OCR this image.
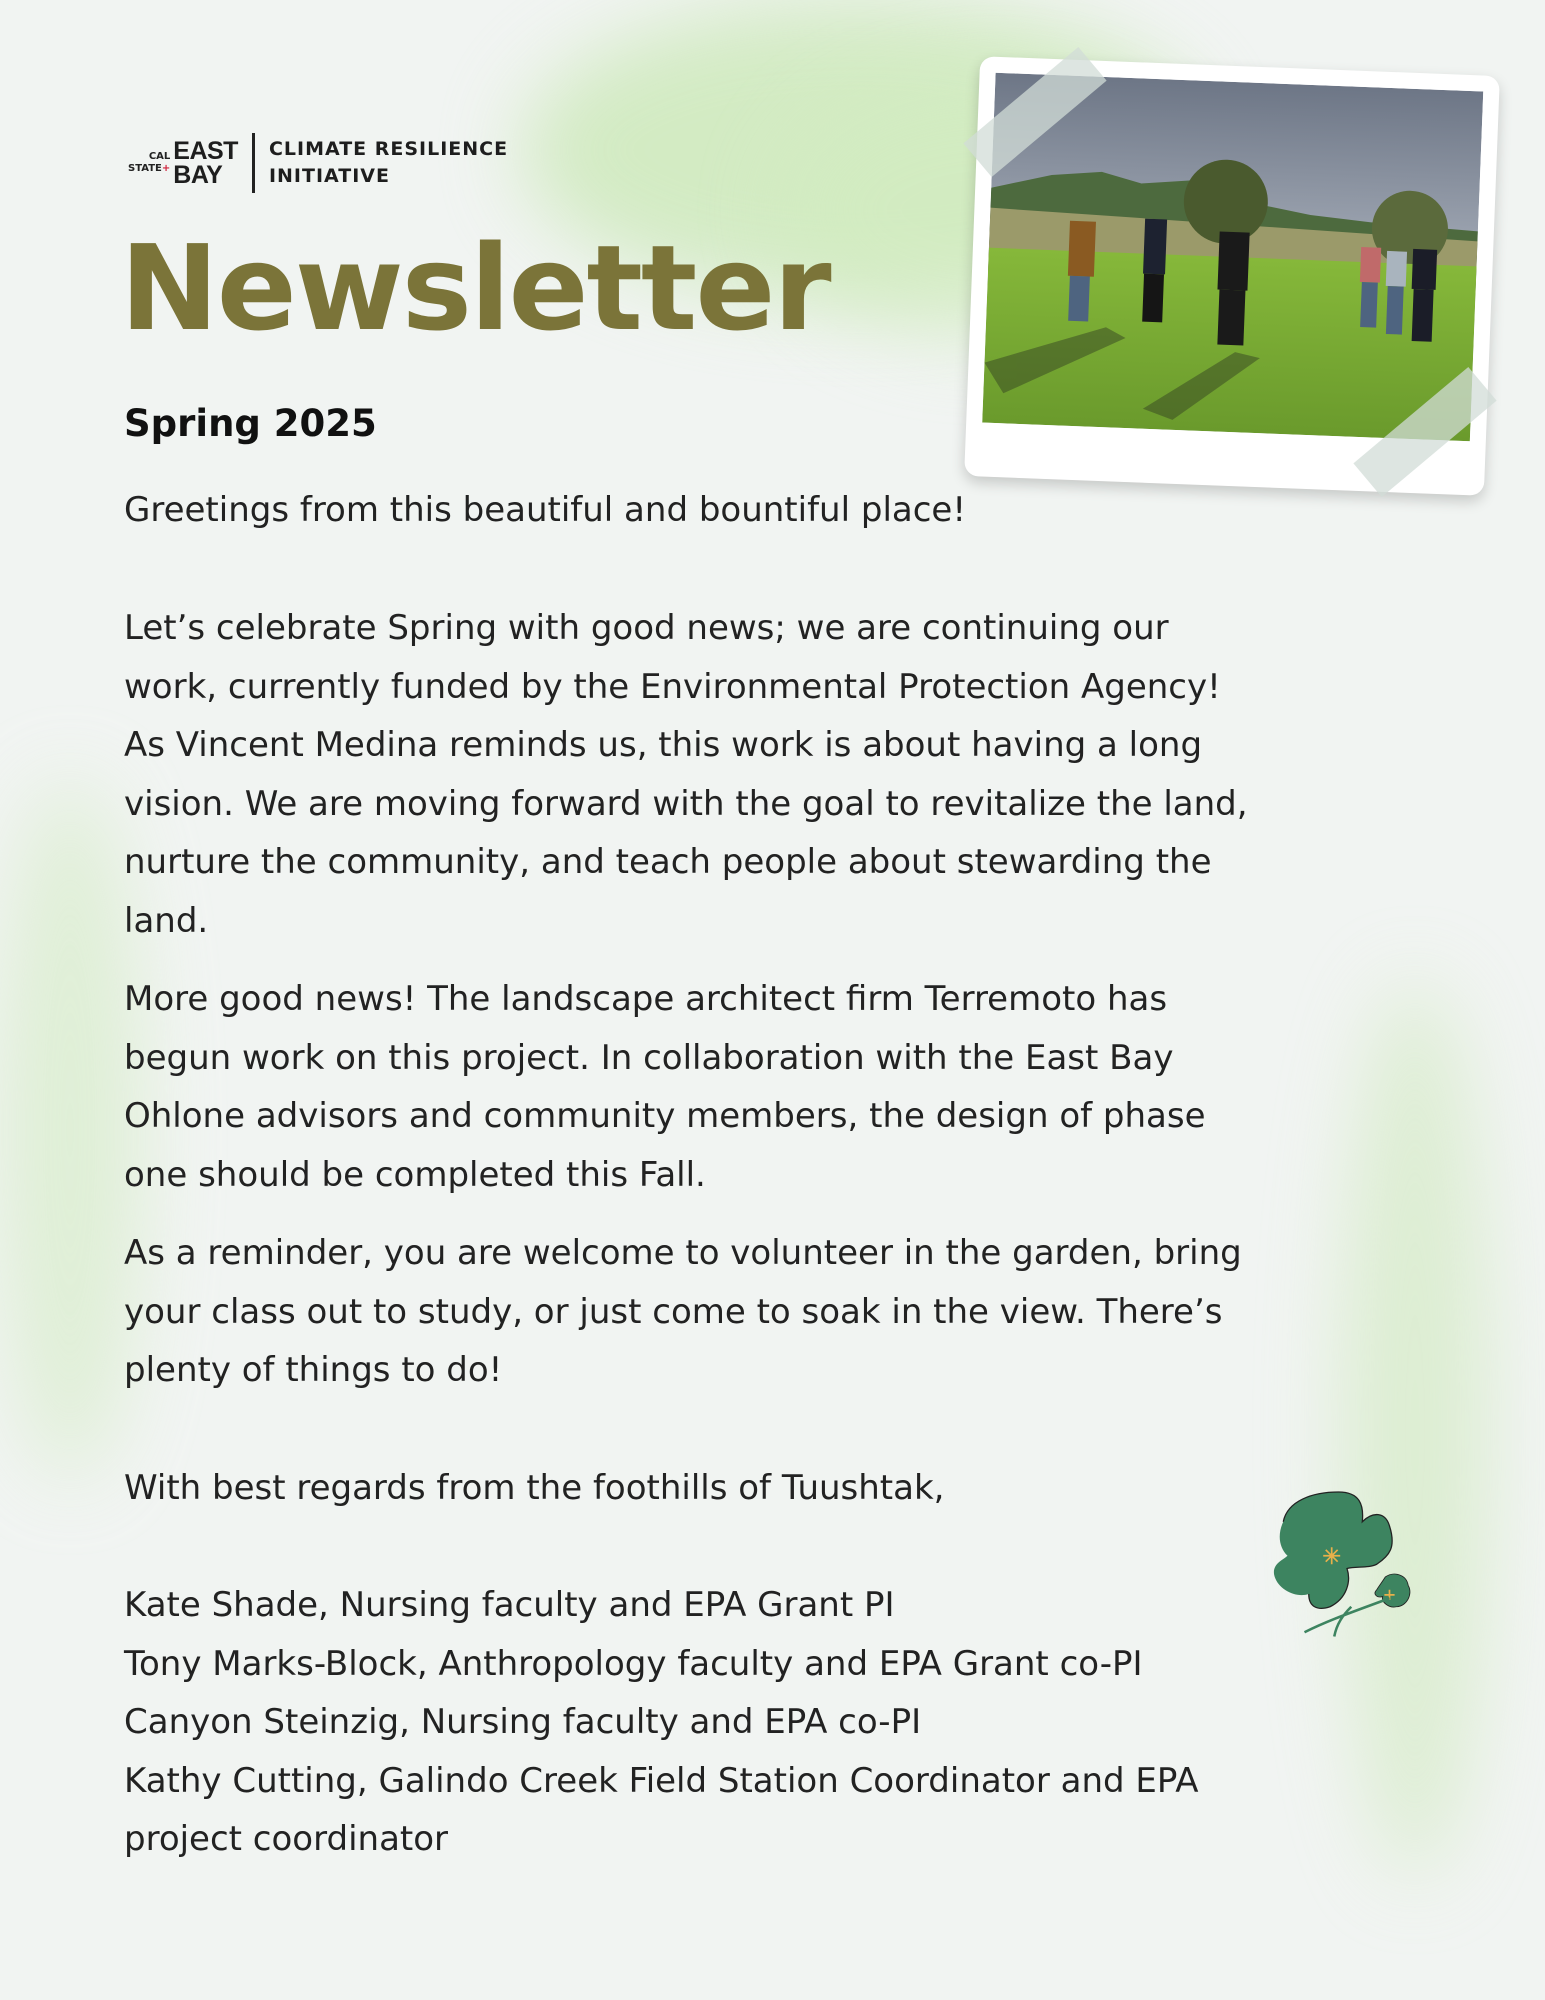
CAL
STATE+
EAST
BAY
CLIMATE RESILIENCE
INITIATIVE
Newsletter
Spring 2025
Greetings from this beautiful and bountiful place!
Let’s celebrate Spring with good news; we are continuing our
work, currently funded by the Environmental Protection Agency!
As Vincent Medina reminds us, this work is about having a long
vision. We are moving forward with the goal to revitalize the land,
nurture the community, and teach people about stewarding the
land.
More good news! The landscape architect firm Terremoto has
begun work on this project. In collaboration with the East Bay
Ohlone advisors and community members, the design of phase
one should be completed this Fall.
As a reminder, you are welcome to volunteer in the garden, bring
your class out to study, or just come to soak in the view. There’s
plenty of things to do!
With best regards from the foothills of Tuushtak,
Kate Shade, Nursing faculty and EPA Grant PI
Tony Marks-Block, Anthropology faculty and EPA Grant co-PI
Canyon Steinzig, Nursing faculty and EPA co-PI
Kathy Cutting, Galindo Creek Field Station Coordinator and EPA
project coordinator
